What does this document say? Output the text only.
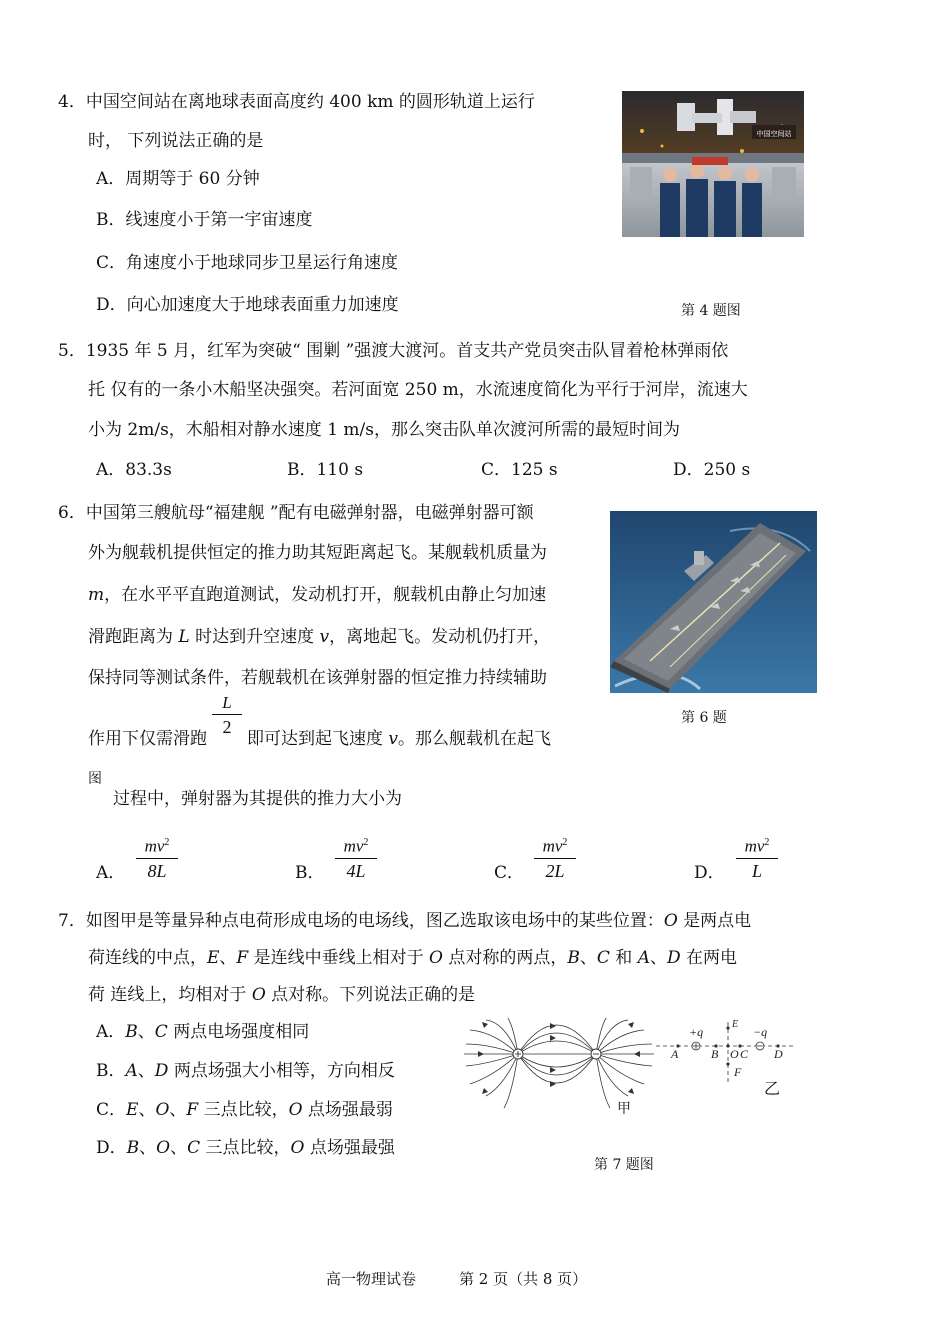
4．中国空间站在离地球表面高度约 400 km 的圆形轨道上运行
时， 下列说法正确的是
A．周期等于 60 分钟
B．线速度小于第一宇宙速度
C．角速度小于地球同步卫星运行角速度
D．向心加速度大于地球表面重力加速度
中国空间站
第 4 题图
5．1935 年 5 月，红军为突破“ 围剿 ”强渡大渡河。首支共产党员突击队冒着枪林弹雨依
托 仅有的一条小木船坚决强突。若河面宽 250 m，水流速度简化为平行于河岸，流速大
小为 2m/s，木船相对静水速度 1 m/s，那么突击队单次渡河所需的最短时间为
A．83.3s	B．110 s	C．125 s	D．250 s
6．中国第三艘航母“福建舰 ”配有电磁弹射器，电磁弹射器可额
外为舰载机提供恒定的推力助其短距离起飞。某舰载机质量为
m，在水平平直跑道测试，发动机打开，舰载机由静止匀加速
滑跑距离为 L 时达到升空速度 v，离地起飞。发动机仍打开，
保持同等测试条件，若舰载机在该弹射器的恒定推力持续辅助
作用下仅需滑跑 $\frac{L}{2}$ 即可达到起飞速度 v。那么舰载机在起飞
图
过程中，弹射器为其提供的推力大小为
第 6 题
A． $\frac{mv^2}{8L}$	B． $\frac{mv^2}{4L}$	C． $\frac{mv^2}{2L}$	D． $\frac{mv^2}{L}$
7．如图甲是等量异种点电荷形成电场的电场线，图乙选取该电场中的某些位置：O 是两点电
荷连线的中点，E、F 是连线中垂线上相对于 O 点对称的两点，B、C 和 A、D 在两电
荷 连线上，均相对于 O 点对称。下列说法正确的是
A．B、C 两点电场强度相同
B．A、D 两点场强大小相等，方向相反
C．E、O、F 三点比较，O 点场强最弱
D．B、O、C 三点比较，O 点场强最强
甲
+q	−q
A	B O C D
E
F
乙
第 7 题图
高一物理试卷	第 2 页（共 8 页）
